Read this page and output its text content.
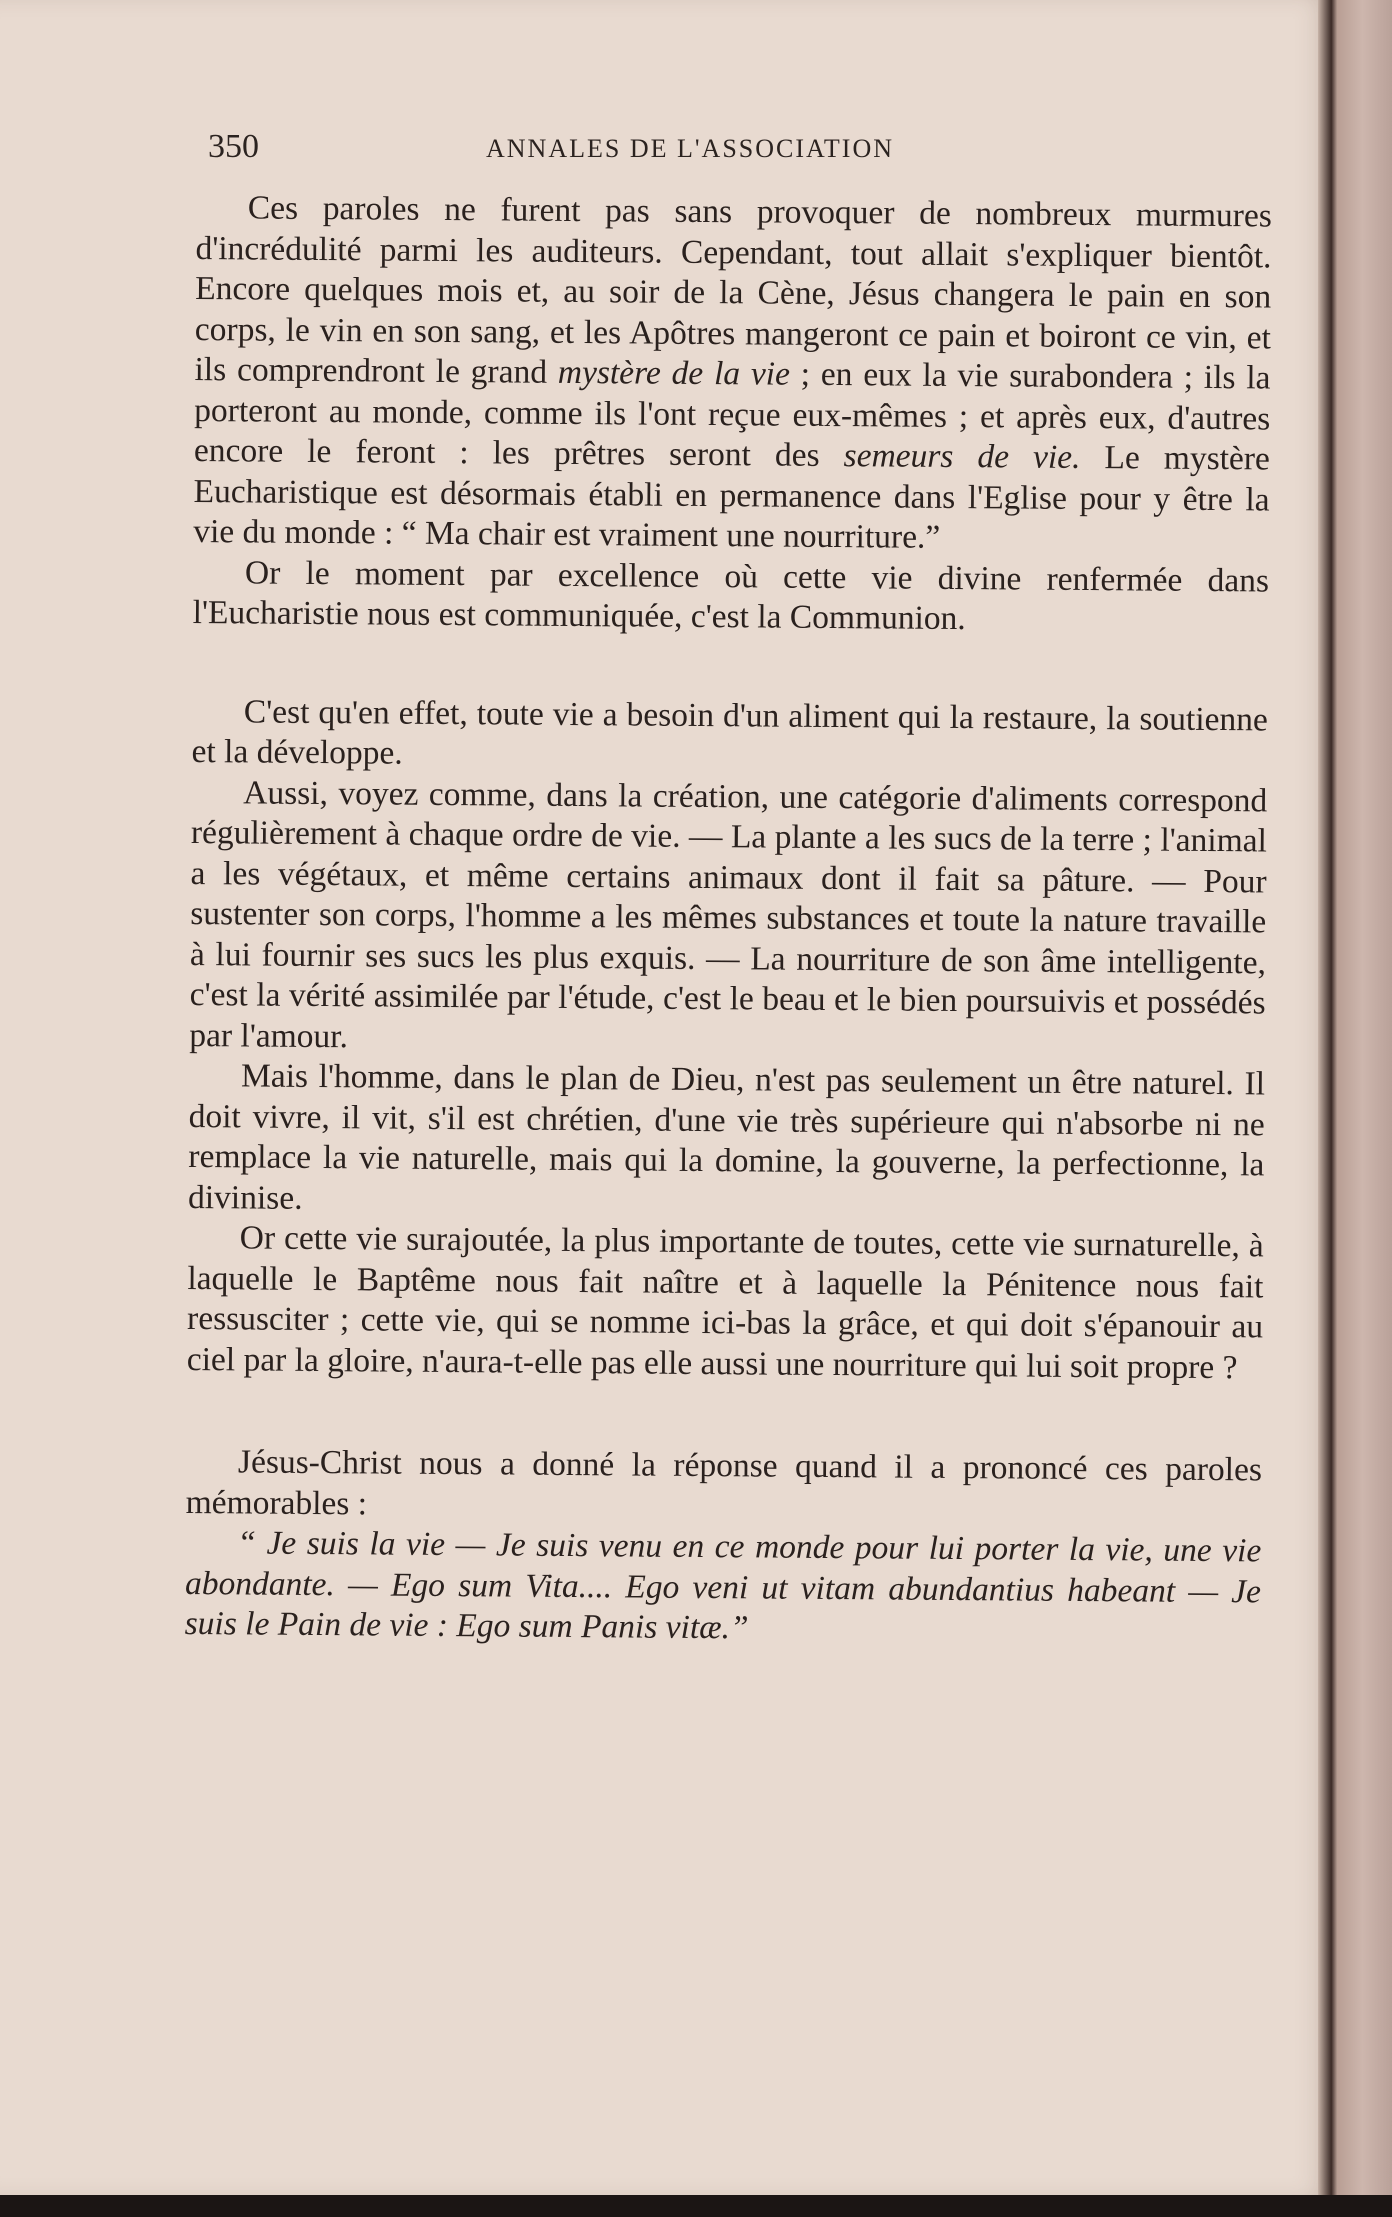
350	ANNALES DE L'ASSOCIATION

Ces paroles ne furent pas sans provoquer de nombreux murmures d'incrédulité parmi les auditeurs. Cependant, tout allait s'expliquer bientôt. Encore quelques mois et, au soir de la Cène, Jésus changera le pain en son corps, le vin en son sang, et les Apôtres mangeront ce pain et boiront ce vin, et ils comprendront le grand mystère de la vie ; en eux la vie surabondera ; ils la porteront au monde, comme ils l'ont reçue eux-mêmes ; et après eux, d'autres encore le feront : les prêtres seront des semeurs de vie. Le mystère Eucharistique est désormais établi en permanence dans l'Eglise pour y être la vie du monde : “ Ma chair est vraiment une nourriture.”

Or le moment par excellence où cette vie divine renfermée dans l'Eucharistie nous est communiquée, c'est la Communion.

C'est qu'en effet, toute vie a besoin d'un aliment qui la restaure, la soutienne et la développe.

Aussi, voyez comme, dans la création, une catégorie d'aliments correspond régulièrement à chaque ordre de vie. — La plante a les sucs de la terre ; l'animal a les végétaux, et même certains animaux dont il fait sa pâture. — Pour sustenter son corps, l'homme a les mêmes substances et toute la nature travaille à lui fournir ses sucs les plus exquis. — La nourriture de son âme intelligente, c'est la vérité assimilée par l'étude, c'est le beau et le bien poursuivis et possédés par l'amour.

Mais l'homme, dans le plan de Dieu, n'est pas seulement un être naturel. Il doit vivre, il vit, s'il est chrétien, d'une vie très supérieure qui n'absorbe ni ne remplace la vie naturelle, mais qui la domine, la gouverne, la perfectionne, la divinise.

Or cette vie surajoutée, la plus importante de toutes, cette vie surnaturelle, à laquelle le Baptême nous fait naître et à laquelle la Pénitence nous fait ressusciter ; cette vie, qui se nomme ici-bas la grâce, et qui doit s'épanouir au ciel par la gloire, n'aura-t-elle pas elle aussi une nourriture qui lui soit propre ?

Jésus-Christ nous a donné la réponse quand il a prononcé ces paroles mémorables :

“ Je suis la vie — Je suis venu en ce monde pour lui porter la vie, une vie abondante. — Ego sum Vita.... Ego veni ut vitam abundantius habeant — Je suis le Pain de vie : Ego sum Panis vitæ.”
